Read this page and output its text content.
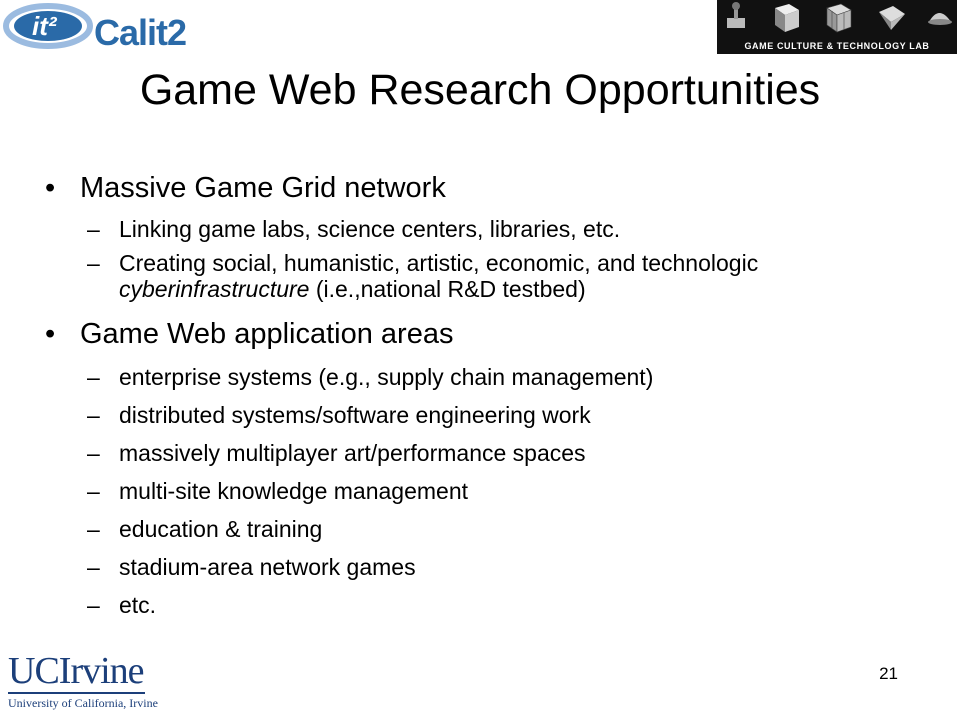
it² Calit2	GAME CULTURE & TECHNOLOGY LAB
Game Web Research Opportunities
• Massive Game Grid network
– Linking game labs, science centers, libraries, etc.
– Creating social, humanistic, artistic, economic, and technologic cyberinfrastructure (i.e.,national R&D testbed)
• Game Web application areas
– enterprise systems (e.g., supply chain management)
– distributed systems/software engineering work
– massively multiplayer art/performance spaces
– multi-site knowledge management
– education & training
– stadium-area network games
– etc.
UCIrvine
University of California, Irvine
21
